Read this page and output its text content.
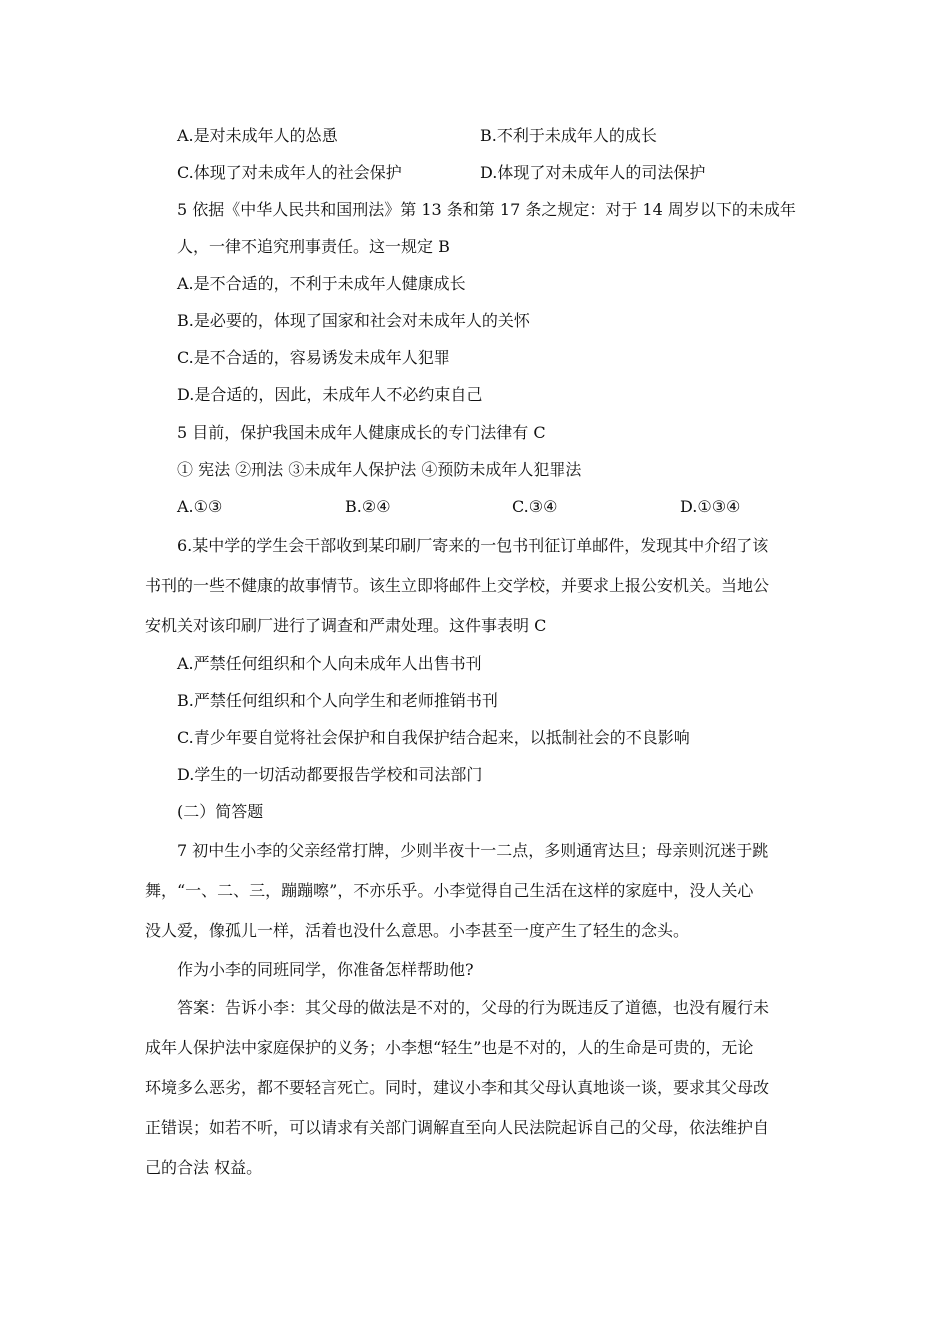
A.是对未成年人的怂恿	B.不利于未成年人的成长
C.体现了对未成年人的社会保护	D.体现了对未成年人的司法保护
5 依据《中华人民共和国刑法》第 13 条和第 17 条之规定：对于 14 周岁以下的未成年
人，一律不追究刑事责任。这一规定 B
A.是不合适的，不利于未成年人健康成长
B.是必要的，体现了国家和社会对未成年人的关怀
C.是不合适的，容易诱发未成年人犯罪
D.是合适的，因此，未成年人不必约束自己
5 目前，保护我国未成年人健康成长的专门法律有 C
① 宪法 ②刑法 ③未成年人保护法 ④预防未成年人犯罪法
A.①③	B.②④	C.③④	D.①③④
6.某中学的学生会干部收到某印刷厂寄来的一包书刊征订单邮件，发现其中介绍了该
书刊的一些不健康的故事情节。该生立即将邮件上交学校，并要求上报公安机关。当地公
安机关对该印刷厂进行了调查和严肃处理。这件事表明 C
A.严禁任何组织和个人向未成年人出售书刊
B.严禁任何组织和个人向学生和老师推销书刊
C.青少年要自觉将社会保护和自我保护结合起来，以抵制社会的不良影响
D.学生的一切活动都要报告学校和司法部门
(二）简答题
7 初中生小李的父亲经常打牌，少则半夜十一二点，多则通宵达旦；母亲则沉迷于跳
舞，“一、二、三，蹦蹦嚓”，不亦乐乎。小李觉得自己生活在这样的家庭中，没人关心
没人爱，像孤儿一样，活着也没什么意思。小李甚至一度产生了轻生的念头。
作为小李的同班同学，你准备怎样帮助他?
答案：告诉小李：其父母的做法是不对的，父母的行为既违反了道德，也没有履行未
成年人保护法中家庭保护的义务；小李想“轻生”也是不对的，人的生命是可贵的，无论
环境多么恶劣，都不要轻言死亡。同时，建议小李和其父母认真地谈一谈，要求其父母改
正错误；如若不听，可以请求有关部门调解直至向人民法院起诉自己的父母，依法维护自
己的合法 权益。
